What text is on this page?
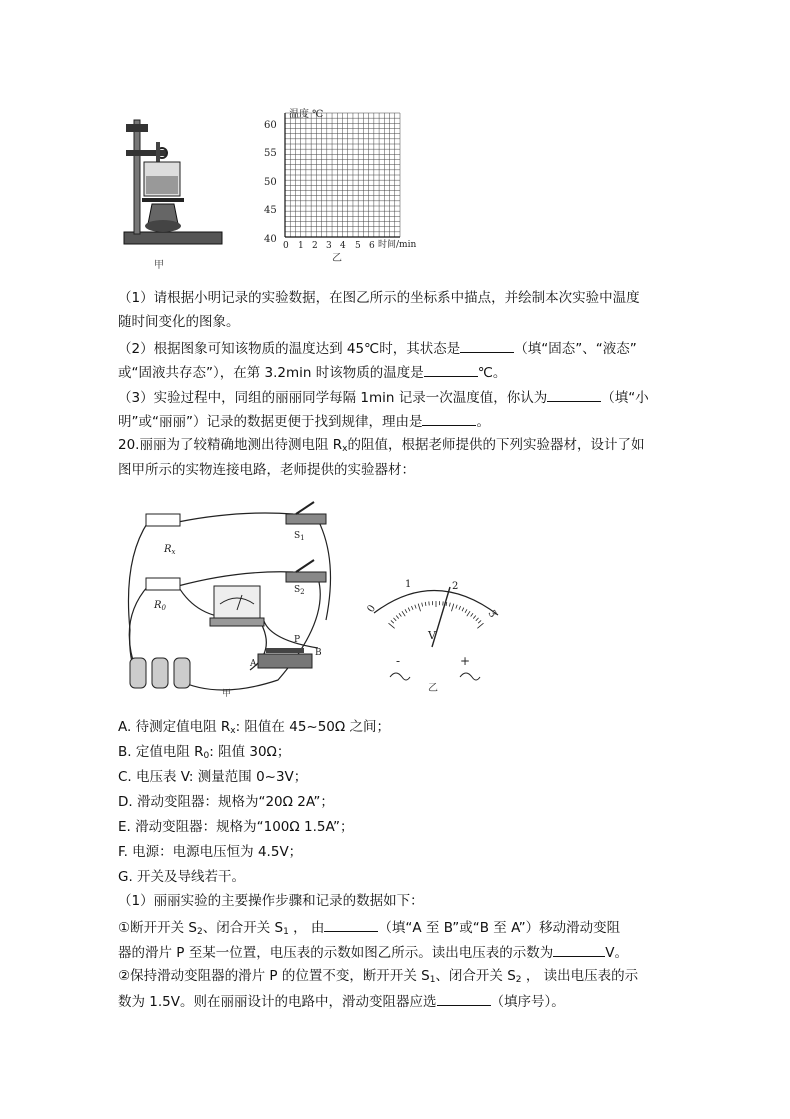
甲
温度 ℃
60
55
50
45
40
0 1 2 3 4 5 6 时间/min
乙
（1）请根据小明记录的实验数据，在图乙所示的坐标系中描点，并绘制本次实验中温度
随时间变化的图象。
（2）根据图象可知该物质的温度达到 45℃时，其状态是	（填“固态”、“液态”
或“固液共存态”），在第 3.2min 时该物质的温度是	℃。
（3）实验过程中，同组的丽丽同学每隔 1min 记录一次温度值，你认为	（填“小
明”或“丽丽”）记录的数据更便于找到规律，理由是	。
20.丽丽为了较精确地测出待测电阻 $R_x$的阻值，根据老师提供的下列实验器材，设计了如
图甲所示的实物连接电路，老师提供的实验器材：
$R_x$
$R_0$
$S_1$
$S_2$
P
A
B
甲
0
1	2
3
V
-	+
乙
A. 待测定值电阻 $R_x$: 阻值在 45~50Ω 之间；
B. 定值电阻 $R_0$: 阻值 30Ω；
C. 电压表 V: 测量范围 0~3V；
D. 滑动变阻器：规格为“20Ω 2A”；
E. 滑动变阻器：规格为“100Ω 1.5A”；
F. 电源：电源电压恒为 4.5V；
G. 开关及导线若干。
（1）丽丽实验的主要操作步骤和记录的数据如下：
①断开开关 $S_2$、闭合开关 $S_1$ ， 由	（填“A 至 B”或“B 至 A”）移动滑动变阻
器的滑片 P 至某一位置，电压表的示数如图乙所示。读出电压表的示数为	V。
②保持滑动变阻器的滑片 P 的位置不变，断开开关 $S_1$、闭合开关 $S_2$ ， 读出电压表的示
数为 1.5V。则在丽丽设计的电路中，滑动变阻器应选	（填序号）。
